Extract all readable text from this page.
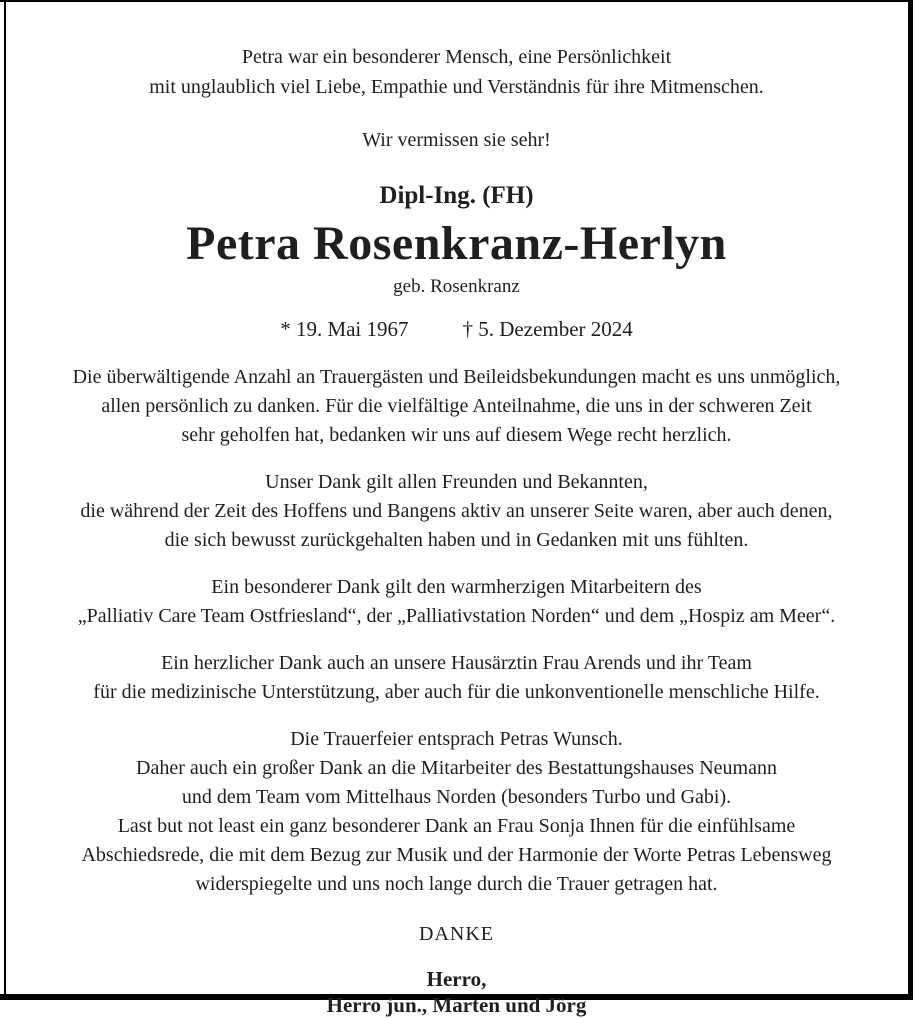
Petra war ein besonderer Mensch, eine Persönlichkeit
mit unglaublich viel Liebe, Empathie und Verständnis für ihre Mitmenschen.
Wir vermissen sie sehr!
Dipl-Ing. (FH)
Petra Rosenkranz-Herlyn
geb. Rosenkranz
* 19. Mai 1967	† 5. Dezember 2024
Die überwältigende Anzahl an Trauergästen und Beileidsbekundungen macht es uns unmöglich,
allen persönlich zu danken. Für die vielfältige Anteilnahme, die uns in der schweren Zeit
sehr geholfen hat, bedanken wir uns auf diesem Wege recht herzlich.
Unser Dank gilt allen Freunden und Bekannten,
die während der Zeit des Hoffens und Bangens aktiv an unserer Seite waren, aber auch denen,
die sich bewusst zurückgehalten haben und in Gedanken mit uns fühlten.
Ein besonderer Dank gilt den warmherzigen Mitarbeitern des
„Palliativ Care Team Ostfriesland“, der „Palliativstation Norden“ und dem „Hospiz am Meer“.
Ein herzlicher Dank auch an unsere Hausärztin Frau Arends und ihr Team
für die medizinische Unterstützung, aber auch für die unkonventionelle menschliche Hilfe.
Die Trauerfeier entsprach Petras Wunsch.
Daher auch ein großer Dank an die Mitarbeiter des Bestattungshauses Neumann
und dem Team vom Mittelhaus Norden (besonders Turbo und Gabi).
Last but not least ein ganz besonderer Dank an Frau Sonja Ihnen für die einfühlsame
Abschiedsrede, die mit dem Bezug zur Musik und der Harmonie der Worte Petras Lebensweg
widerspiegelte und uns noch lange durch die Trauer getragen hat.
DANKE
Herro,
Herro jun., Marten und Jörg
